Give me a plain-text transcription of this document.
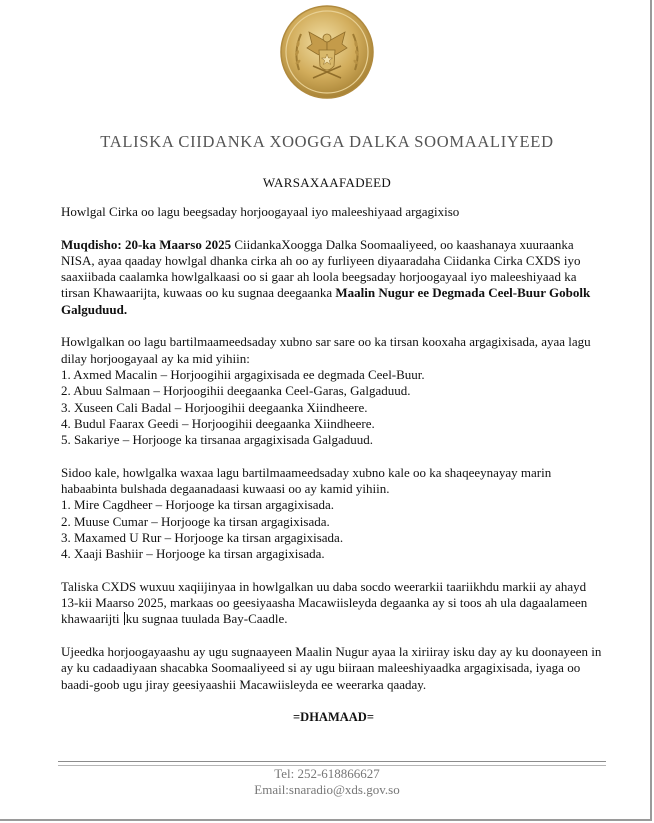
TALISKA CIIDANKA XOOGGA DALKA SOOMAALIYEED
WARSAXAAFADEED

Howlgal Cirka oo lagu beegsaday horjoogayaal iyo maleeshiyaad argagixiso

Muqdisho: 20-ka Maarso 2025 CiidankaXoogga Dalka Soomaaliyeed, oo kaashanaya xuuraanka NISA, ayaa qaaday howlgal dhanka cirka ah oo ay furliyeen diyaaradaha Ciidanka Cirka CXDS iyo saaxiibada caalamka howlgalkaasi oo si gaar ah loola beegsaday horjoogayaal iyo maleeshiyaad ka tirsan Khawaarijta, kuwaas oo ku sugnaa deegaanka Maalin Nugur ee Degmada Ceel-Buur Gobolk Galguduud.

Howlgalkan oo lagu bartilmaameedsaday xubno sar sare oo ka tirsan kooxaha argagixisada, ayaa lagu dilay horjoogayaal ay ka mid yihiin:
1. Axmed Macalin – Horjoogihii argagixisada ee degmada Ceel-Buur.
2. Abuu Salmaan – Horjoogihii deegaanka Ceel-Garas, Galgaduud.
3. Xuseen Cali Badal – Horjoogihii deegaanka Xiindheere.
4. Budul Faarax Geedi – Horjoogihii deegaanka Xiindheere.
5. Sakariye – Horjooge ka tirsanaa argagixisada Galgaduud.
Sidoo kale, howlgalka waxaa lagu bartilmaameedsaday xubno kale oo ka shaqeeynayay marin habaabinta bulshada degaanadaasi kuwaasi oo ay kamid yihiin.
1. Mire Cagdheer – Horjooge ka tirsan argagixisada.
2. Muuse Cumar – Horjooge ka tirsan argagixisada.
3. Maxamed U Rur – Horjooge ka tirsan argagixisada.
4. Xaaji Bashiir – Horjooge ka tirsan argagixisada.

Taliska CXDS wuxuu xaqiijinyaa in howlgalkan uu daba socdo weerarkii taariikhdu markii ay ahayd 13-kii Maarso 2025, markaas oo geesiyaasha Macawiisleyda degaanka ay si toos ah ula dagaalameen khawaarijti ku sugnaa tuulada Bay-Caadle.

Ujeedka horjoogayaashu ay ugu sugnaayeen Maalin Nugur ayaa la xiriiray isku day ay ku doonayeen in ay ku cadaadiyaan shacabka Soomaaliyeed si ay ugu biiraan maleeshiyaadka argagixisada, iyaga oo baadi-goob ugu jiray geesiyaashii Macawiisleyda ee weerarka qaaday.

=DHAMAAD=
Tel: 252-618866627
Email:snaradio@xds.gov.so
